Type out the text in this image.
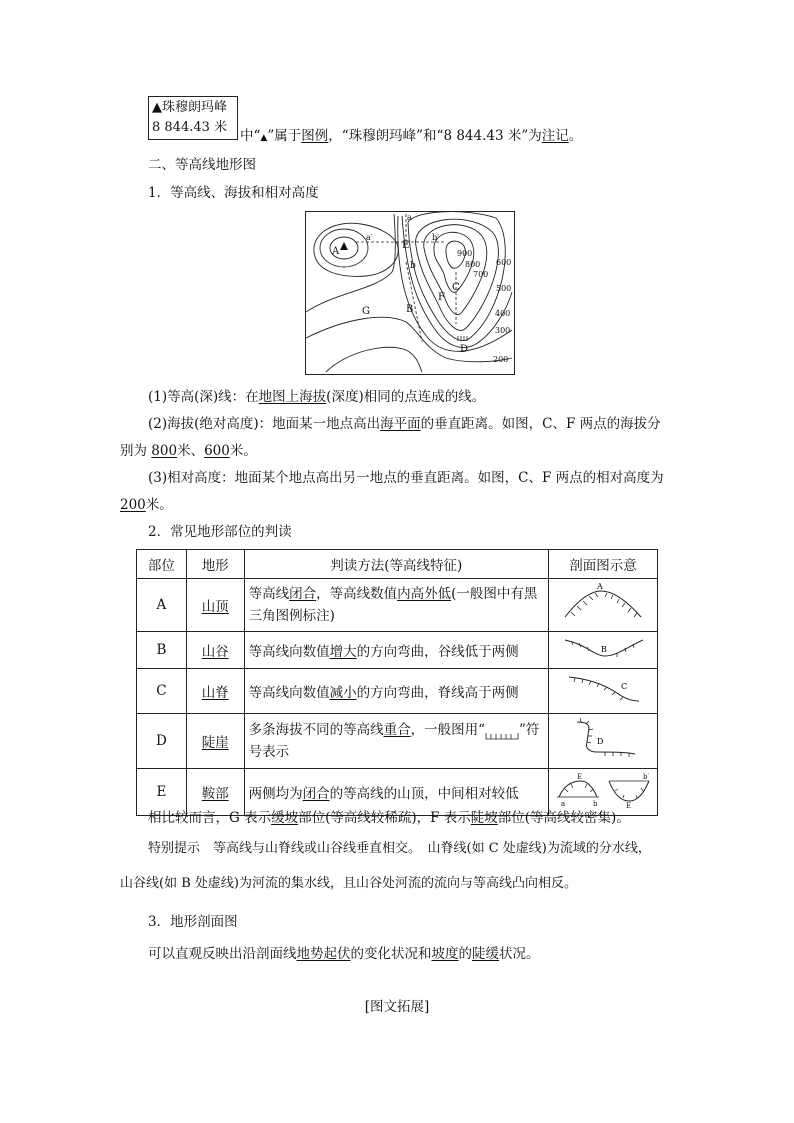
▲珠穆朗玛峰
8 844.43 米
中“▲”属于图例，“珠穆朗玛峰”和“8 844.43 米”为注记。
二、等高线地形图
1．等高线、海拔和相对高度
A
a
a′
E
b
b′
C
F
G	B
D
900
800
700
600
500
400
300
200
(1)等高(深)线：在地图上海拔(深度)相同的点连成的线。
(2)海拔(绝对高度)：地面某一地点高出海平面的垂直距离。如图，C、F 两点的海拔分
别为 800米、600米。
(3)相对高度：地面某个地点高出另一地点的垂直距离。如图，C、F 两点的相对高度为
200米。
2．常见地形部位的判读
部位	地形	判读方法(等高线特征)	剖面图示意
A	山顶	等高线闭合，等高线数值内高外低(一般图中有黑三角图例标注)	A

B	山谷	等高线向数值增大的方向弯曲，谷线低于两侧	B

C	山脊	等高线向数值减小的方向弯曲，脊线高于两侧	C

D	陡崖	多条海拔不同的等高线重合，一般图用“ ”符号表示	D

E	鞍部	两侧均为闭合的等高线的山顶，中间相对较低	E
E
a b
b′
相比较而言，G 表示缓坡部位(等高线较稀疏)，F 表示陡坡部位(等高线较密集)。
特别提示　等高线与山脊线或山谷线垂直相交。　山脊线(如 C 处虚线)为流域的分水线，
山谷线(如 B 处虚线)为河流的集水线，且山谷处河流的流向与等高线凸向相反。
3．地形剖面图
可以直观反映出沿剖面线地势起伏的变化状况和坡度的陡缓状况。
[图文拓展]
